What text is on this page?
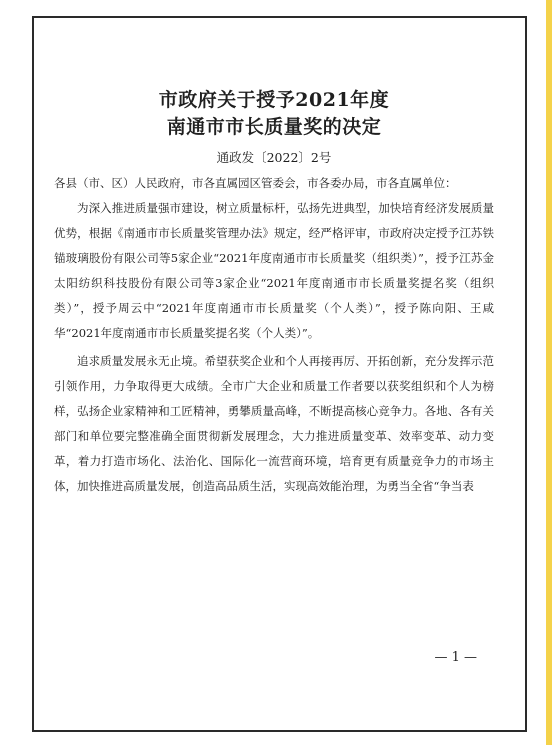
市政府关于授予2021年度
南通市市长质量奖的决定
通政发〔2022〕2号

各县（市、区）人民政府，市各直属园区管委会，市各委办局，市各直属单位：

为深入推进质量强市建设，树立质量标杆，弘扬先进典型，加快培育经济发展质量优势，根据《南通市市长质量奖管理办法》规定，经严格评审，市政府决定授予江苏铁锚玻璃股份有限公司等5家企业“2021年度南通市市长质量奖（组织类）”，授予江苏金太阳纺织科技股份有限公司等3家企业“2021年度南通市市长质量奖提名奖（组织类）”，授予周云中“2021年度南通市市长质量奖（个人类）”，授予陈向阳、王咸华“2021年度南通市市长质量奖提名奖（个人类）”。

追求质量发展永无止境。希望获奖企业和个人再接再厉、开拓创新，充分发挥示范引领作用，力争取得更大成绩。全市广大企业和质量工作者要以获奖组织和个人为榜样，弘扬企业家精神和工匠精神，勇攀质量高峰，不断提高核心竞争力。各地、各有关部门和单位要完整准确全面贯彻新发展理念，大力推进质量变革、效率变革、动力变革，着力打造市场化、法治化、国际化一流营商环境，培育更有质量竞争力的市场主体，加快推进高质量发展，创造高品质生活，实现高效能治理，为勇当全省“争当表

— 1 —
